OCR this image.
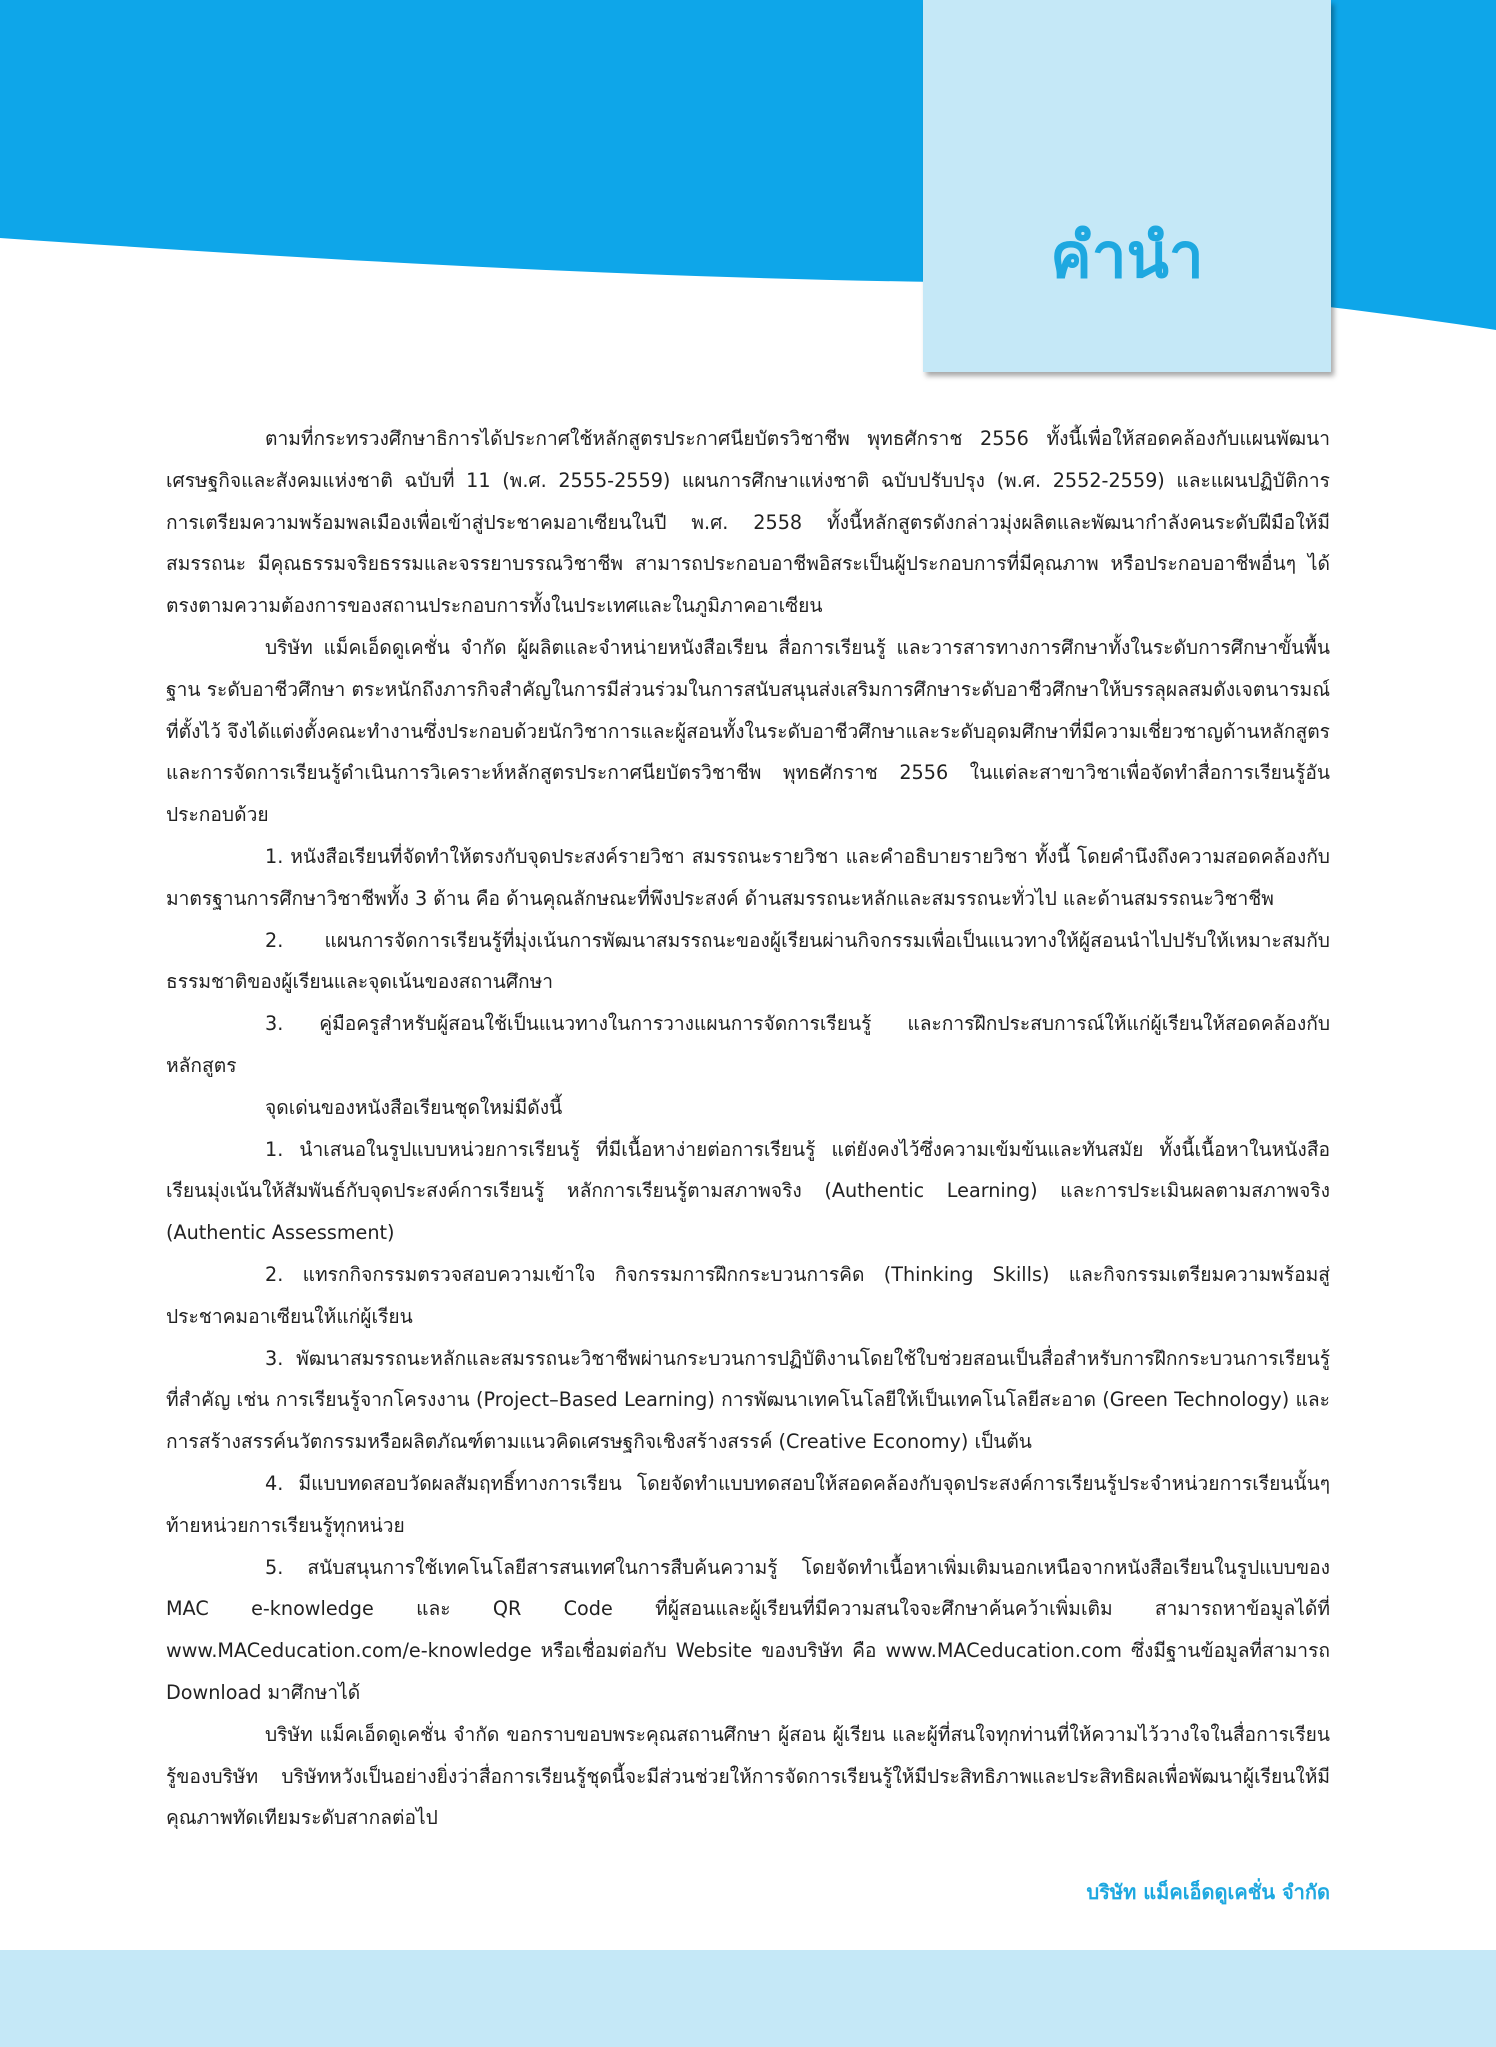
คำนำ

ตามที่กระทรวงศึกษาธิการได้ประกาศใช้หลักสูตรประกาศนียบัตรวิชาชีพ พุทธศักราช 2556 ทั้งนี้เพื่อให้สอดคล้องกับแผนพัฒนาเศรษฐกิจและสังคมแห่งชาติ ฉบับที่ 11 (พ.ศ. 2555-2559) แผนการศึกษาแห่งชาติ ฉบับปรับปรุง (พ.ศ. 2552-2559) และแผนปฏิบัติการการเตรียมความพร้อมพลเมืองเพื่อเข้าสู่ประชาคมอาเซียนในปี พ.ศ. 2558 ทั้งนี้หลักสูตรดังกล่าวมุ่งผลิตและพัฒนากำลังคนระดับฝีมือให้มีสมรรถนะ มีคุณธรรมจริยธรรมและจรรยาบรรณวิชาชีพ สามารถประกอบอาชีพอิสระเป็นผู้ประกอบการที่มีคุณภาพ หรือประกอบอาชีพอื่นๆ ได้ตรงตามความต้องการของสถานประกอบการทั้งในประเทศและในภูมิภาคอาเซียน

บริษัท แม็คเอ็ดดูเคชั่น จำกัด ผู้ผลิตและจำหน่ายหนังสือเรียน สื่อการเรียนรู้ และวารสารทางการศึกษาทั้งในระดับการศึกษาขั้นพื้นฐาน ระดับอาชีวศึกษา ตระหนักถึงภารกิจสำคัญในการมีส่วนร่วมในการสนับสนุนส่งเสริมการศึกษาระดับอาชีวศึกษาให้บรรลุผลสมดังเจตนารมณ์ที่ตั้งไว้ จึงได้แต่งตั้งคณะทำงานซึ่งประกอบด้วยนักวิชาการและผู้สอนทั้งในระดับอาชีวศึกษาและระดับอุดมศึกษาที่มีความเชี่ยวชาญด้านหลักสูตรและการจัดการเรียนรู้ดำเนินการวิเคราะห์หลักสูตรประกาศนียบัตรวิชาชีพ พุทธศักราช 2556 ในแต่ละสาขาวิชาเพื่อจัดทำสื่อการเรียนรู้อันประกอบด้วย

1. หนังสือเรียนที่จัดทำให้ตรงกับจุดประสงค์รายวิชา สมรรถนะรายวิชา และคำอธิบายรายวิชา ทั้งนี้ โดยคำนึงถึงความสอดคล้องกับมาตรฐานการศึกษาวิชาชีพทั้ง 3 ด้าน คือ ด้านคุณลักษณะที่พึงประสงค์ ด้านสมรรถนะหลักและสมรรถนะทั่วไป และด้านสมรรถนะวิชาชีพ

2. แผนการจัดการเรียนรู้ที่มุ่งเน้นการพัฒนาสมรรถนะของผู้เรียนผ่านกิจกรรมเพื่อเป็นแนวทางให้ผู้สอนนำไปปรับให้เหมาะสมกับธรรมชาติของผู้เรียนและจุดเน้นของสถานศึกษา

3. คู่มือครูสำหรับผู้สอนใช้เป็นแนวทางในการวางแผนการจัดการเรียนรู้ และการฝึกประสบการณ์ให้แก่ผู้เรียนให้สอดคล้องกับหลักสูตร

จุดเด่นของหนังสือเรียนชุดใหม่มีดังนี้

1. นำเสนอในรูปแบบหน่วยการเรียนรู้ ที่มีเนื้อหาง่ายต่อการเรียนรู้ แต่ยังคงไว้ซึ่งความเข้มข้นและทันสมัย ทั้งนี้เนื้อหาในหนังสือเรียนมุ่งเน้นให้สัมพันธ์กับจุดประสงค์การเรียนรู้ หลักการเรียนรู้ตามสภาพจริง (Authentic Learning) และการประเมินผลตามสภาพจริง (Authentic Assessment)

2. แทรกกิจกรรมตรวจสอบความเข้าใจ กิจกรรมการฝึกกระบวนการคิด (Thinking Skills) และกิจกรรมเตรียมความพร้อมสู่ประชาคมอาเซียนให้แก่ผู้เรียน

3. พัฒนาสมรรถนะหลักและสมรรถนะวิชาชีพผ่านกระบวนการปฏิบัติงานโดยใช้ใบช่วยสอนเป็นสื่อสำหรับการฝึกกระบวนการเรียนรู้ที่สำคัญ เช่น การเรียนรู้จากโครงงาน (Project–Based Learning) การพัฒนาเทคโนโลยีให้เป็นเทคโนโลยีสะอาด (Green Technology) และการสร้างสรรค์นวัตกรรมหรือผลิตภัณฑ์ตามแนวคิดเศรษฐกิจเชิงสร้างสรรค์ (Creative Economy) เป็นต้น

4. มีแบบทดสอบวัดผลสัมฤทธิ์ทางการเรียน โดยจัดทำแบบทดสอบให้สอดคล้องกับจุดประสงค์การเรียนรู้ประจำหน่วยการเรียนนั้นๆ ท้ายหน่วยการเรียนรู้ทุกหน่วย

5. สนับสนุนการใช้เทคโนโลยีสารสนเทศในการสืบค้นความรู้ โดยจัดทำเนื้อหาเพิ่มเติมนอกเหนือจากหนังสือเรียนในรูปแบบของ MAC e-knowledge และ QR Code ที่ผู้สอนและผู้เรียนที่มีความสนใจจะศึกษาค้นคว้าเพิ่มเติม สามารถหาข้อมูลได้ที่ www.MACeducation.com/e-knowledge หรือเชื่อมต่อกับ Website ของบริษัท คือ www.MACeducation.com ซึ่งมีฐานข้อมูลที่สามารถ Download มาศึกษาได้

บริษัท แม็คเอ็ดดูเคชั่น จำกัด ขอกราบขอบพระคุณสถานศึกษา ผู้สอน ผู้เรียน และผู้ที่สนใจทุกท่านที่ให้ความไว้วางใจในสื่อการเรียนรู้ของบริษัท บริษัทหวังเป็นอย่างยิ่งว่าสื่อการเรียนรู้ชุดนี้จะมีส่วนช่วยให้การจัดการเรียนรู้ให้มีประสิทธิภาพและประสิทธิผลเพื่อพัฒนาผู้เรียนให้มีคุณภาพทัดเทียมระดับสากลต่อไป

บริษัท แม็คเอ็ดดูเคชั่น จำกัด
